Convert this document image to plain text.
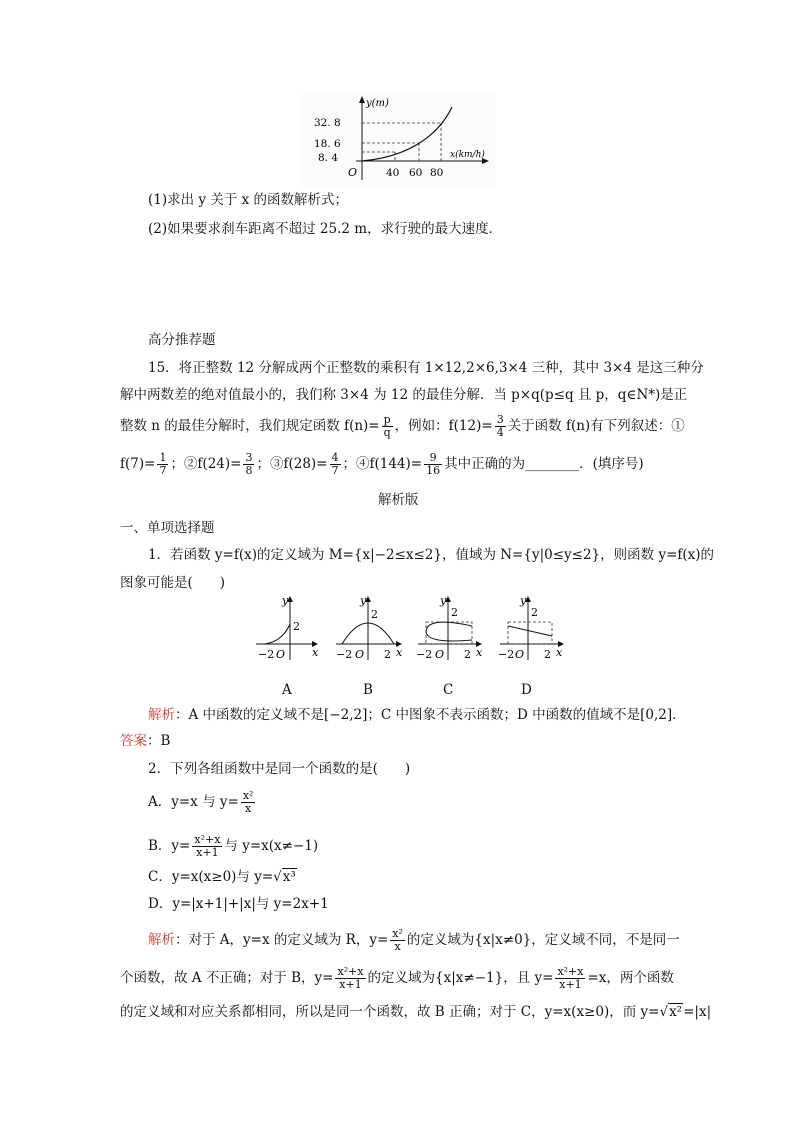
y(m)
x(km/h)
O
32. 8
18. 6
8. 4
40 60 80
(1)求出 y 关于 x 的函数解析式；
(2)如果要求刹车距离不超过 25.2 m，求行驶的最大速度．
高分推荐题
15．将正整数 12 分解成两个正整数的乘积有 1×12,2×6,3×4 三种，其中 3×4 是这三种分
解中两数差的绝对值最小的，我们称 3×4 为 12 的最佳分解．当 p×q(p≤q 且 p，q∈N*)是正
整数 n 的最佳分解时，我们规定函数 $f(n)= \frac{p}{q}$ ，例如：$f(12)= \frac{3}{4}$ 关于函数 f(n)有下列叙述：①
$f(7)= \frac{1}{7}$ ；②f(24)= $\frac{3}{8}$ ；③f(28)= $\frac{4}{7}$ ；④f(144)= $\frac{9}{16}$ 其中正确的为________．(填序号)
解析版
一、单项选择题
1．若函数 y=f(x)的定义域为 M={x|−2≤x≤2}，值域为 N={y|0≤y≤2}，则函数 y=f(x)的
图象可能是(　　)
y
2
x
O
−2
y
2
x
O
−2	2
y
2
x
O
−2	2
y
2
x
O
−2	2
A	B	C	D
解析：A 中函数的定义域不是[−2,2]；C 中图象不表示函数；D 中函数的值域不是[0,2]．
答案：B
2．下列各组函数中是同一个函数的是(　　)
A．y=x 与 $y= \frac{\text{x²}}{x}$
B．$y= \frac{\text{x²+x}}{x+1}$ 与 y=x(x≠−1)
C．y=x(x≥0)与 y=√x³
D．y=|x+1|+|x|与 y=2x+1
解析：对于 A，y=x 的定义域为 R，$y= \frac{\text{x²}}{x}$ 的定义域为{x|x≠0}，定义域不同，不是同一
个函数，故 A 不正确；对于 B，$y= \frac{\text{x²+x}}{x+1}$ 的定义域为{x|x≠−1}，且 $y= \frac{\text{x²+x}}{x+1} =x$，两个函数
的定义域和对应关系都相同，所以是同一个函数，故 B 正确；对于 C，y=x(x≥0)，而 y=√x²=|x|
